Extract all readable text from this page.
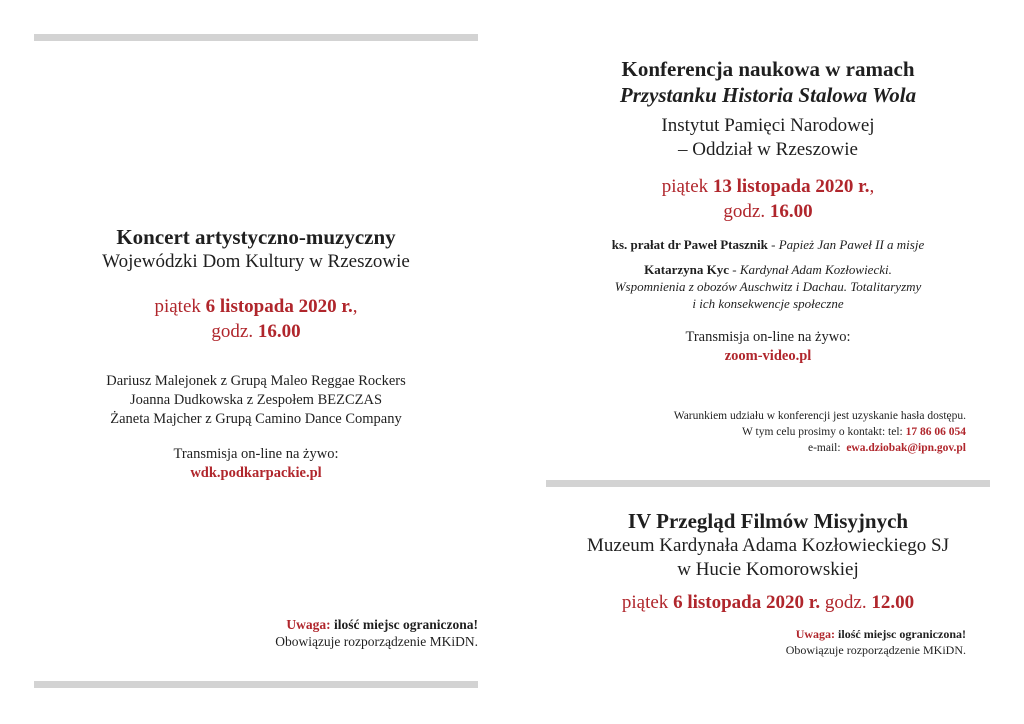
Koncert artystyczno-muzyczny
Wojewódzki Dom Kultury w Rzeszowie
piątek 6 listopada 2020 r.,
godz. 16.00
Dariusz Malejonek z Grupą Maleo Reggae Rockers
Joanna Dudkowska z Zespołem BEZCZAS
Żaneta Majcher z Grupą Camino Dance Company
Transmisja on-line na żywo:
wdk.podkarpackie.pl
Uwaga: ilość miejsc ograniczona!
Obowiązuje rozporządzenie MKiDN.
Konferencja naukowa w ramach
Przystanku Historia Stalowa Wola
Instytut Pamięci Narodowej
– Oddział w Rzeszowie
piątek 13 listopada 2020 r.,
godz. 16.00
ks. prałat dr Paweł Ptasznik - Papież Jan Paweł II a misje
Katarzyna Kyc - Kardynał Adam Kozłowiecki.
Wspomnienia z obozów Auschwitz i Dachau. Totalitaryzmy
i ich konsekwencje społeczne
Transmisja on-line na żywo:
zoom-video.pl
Warunkiem udziału w konferencji jest uzyskanie hasła dostępu.
W tym celu prosimy o kontakt: tel: 17 86 06 054
e-mail:  ewa.dziobak@ipn.gov.pl
IV Przegląd Filmów Misyjnych
Muzeum Kardynała Adama Kozłowieckiego SJ
w Hucie Komorowskiej
piątek 6 listopada 2020 r. godz. 12.00
Uwaga: ilość miejsc ograniczona!
Obowiązuje rozporządzenie MKiDN.
